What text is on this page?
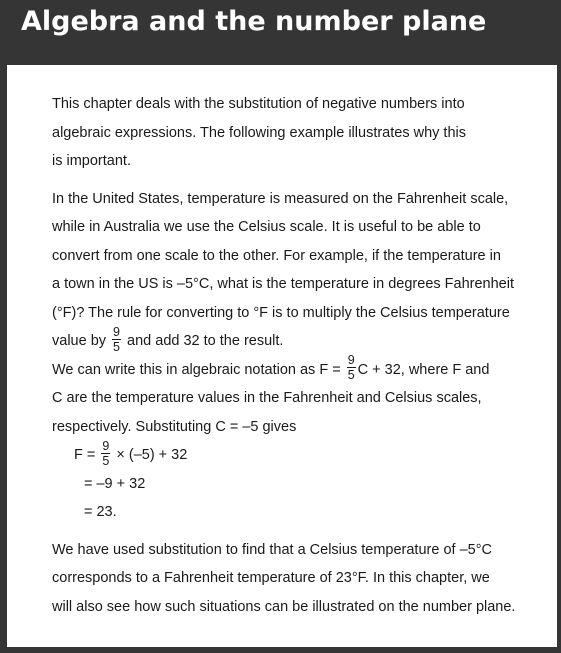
Algebra and the number plane
This chapter deals with the substitution of negative numbers into
algebraic expressions. The following example illustrates why this
is important.
In the United States, temperature is measured on the Fahrenheit scale,
while in Australia we use the Celsius scale. It is useful to be able to
convert from one scale to the other. For example, if the temperature in
a town in the US is –5°C, what is the temperature in degrees Fahrenheit
(°F)? The rule for converting to °F is to multiply the Celsius temperature
value by $\frac{9}{5}$ and add 32 to the result.
We can write this in algebraic notation as $F = \frac{9}{5}$ C + 32, where F and
C are the temperature values in the Fahrenheit and Celsius scales,
respectively. Substituting C = –5 gives
$F = \frac{9}{5} \times (-5) + 32$
= –9 + 32
= 23.
We have used substitution to find that a Celsius temperature of –5°C
corresponds to a Fahrenheit temperature of 23°F. In this chapter, we
will also see how such situations can be illustrated on the number plane.
